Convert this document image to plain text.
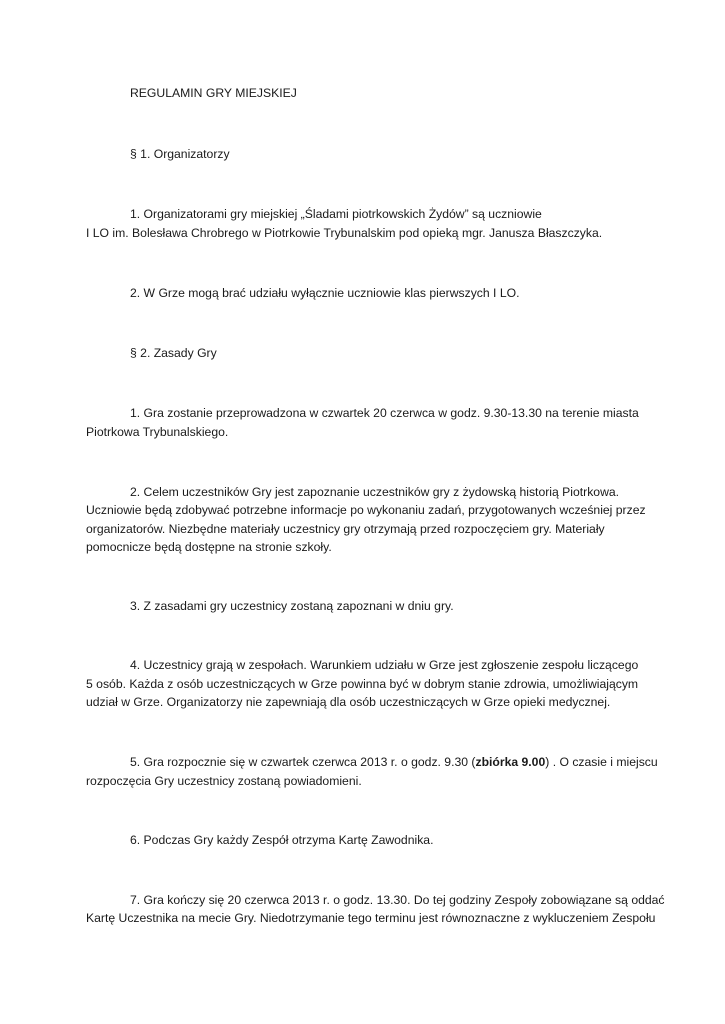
REGULAMIN GRY MIEJSKIEJ
§ 1. Organizatorzy
1. Organizatorami gry miejskiej „Śladami piotrkowskich Żydów” są uczniowie
I LO im. Bolesława Chrobrego w Piotrkowie Trybunalskim pod opieką mgr. Janusza Błaszczyka.
2. W Grze mogą brać udziału wyłącznie uczniowie klas pierwszych I LO.
§ 2. Zasady Gry
1. Gra zostanie przeprowadzona w czwartek 20 czerwca w godz. 9.30-13.30 na terenie miasta
Piotrkowa Trybunalskiego.
2. Celem uczestników Gry jest zapoznanie uczestników gry z żydowską historią Piotrkowa.
Uczniowie będą zdobywać potrzebne informacje po wykonaniu zadań, przygotowanych wcześniej przez
organizatorów. Niezbędne materiały uczestnicy gry otrzymają przed rozpoczęciem gry. Materiały
pomocnicze będą dostępne na stronie szkoły.
3. Z zasadami gry uczestnicy zostaną zapoznani w dniu gry.
4. Uczestnicy grają w zespołach. Warunkiem udziału w Grze jest zgłoszenie zespołu liczącego
5 osób. Każda z osób uczestniczących w Grze powinna być w dobrym stanie zdrowia, umożliwiającym
udział w Grze. Organizatorzy nie zapewniają dla osób uczestniczących w Grze opieki medycznej.
5. Gra rozpocznie się w czwartek czerwca 2013 r. o godz. 9.30 (zbiórka 9.00) . O czasie i miejscu
rozpoczęcia Gry uczestnicy zostaną powiadomieni.
6. Podczas Gry każdy Zespół otrzyma Kartę Zawodnika.
7. Gra kończy się 20 czerwca 2013 r. o godz. 13.30. Do tej godziny Zespoły zobowiązane są oddać
Kartę Uczestnika na mecie Gry. Niedotrzymanie tego terminu jest równoznaczne z wykluczeniem Zespołu
